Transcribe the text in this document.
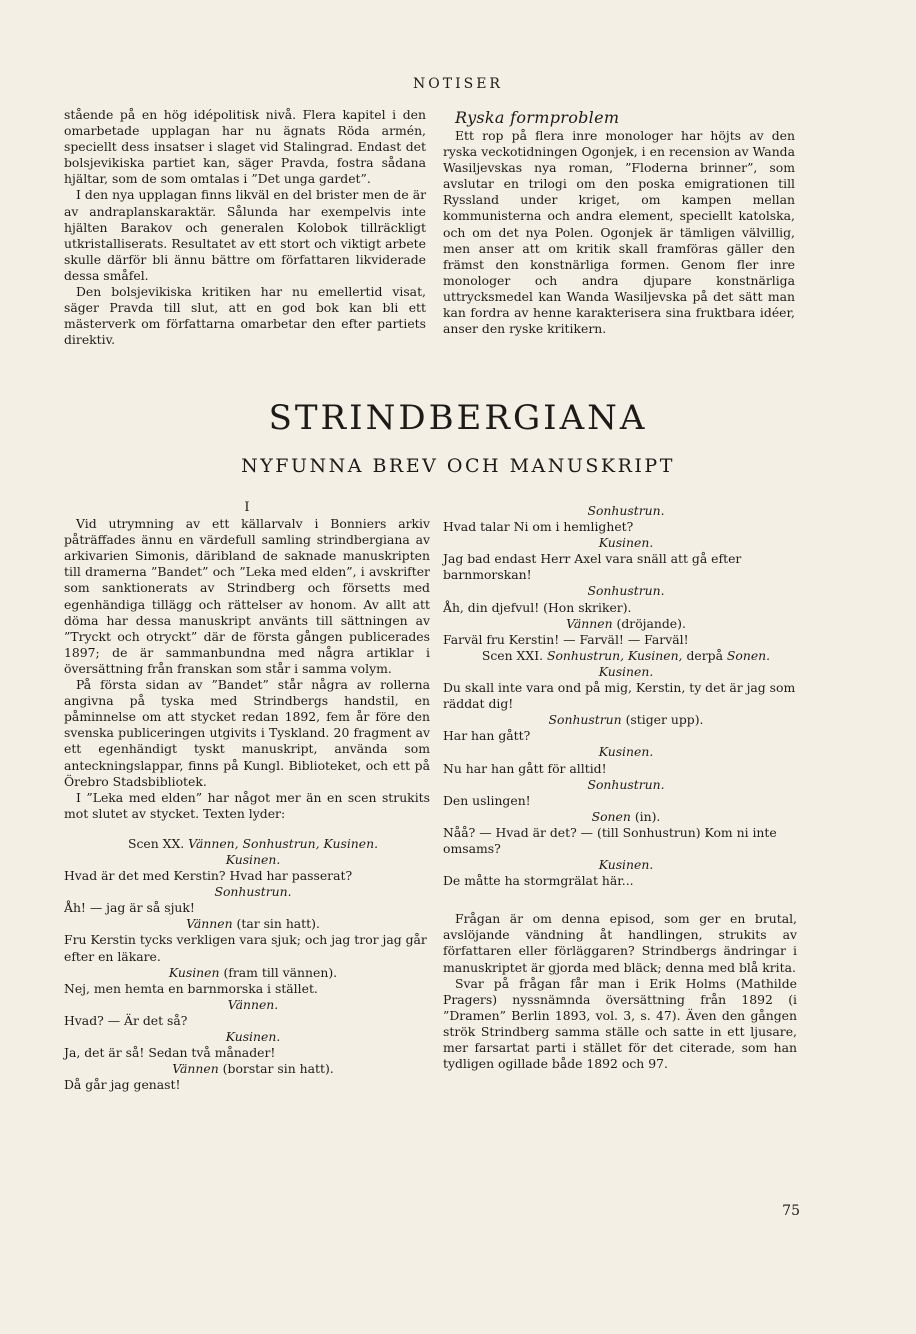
NOTISER

stående på en hög idépolitisk nivå. Flera kapitel i den omarbetade upplagan har nu ägnats Röda armén, speciellt dess insatser i slaget vid Stalingrad. Endast det bolsjevikiska partiet kan, säger Pravda, fostra sådana hjältar, som de som omtalas i ”Det unga gardet”.

I den nya upplagan finns likväl en del brister men de är av andraplanskaraktär. Sålunda har exempelvis inte hjälten Barakov och generalen Kolobok tillräckligt utkristalliserats. Resultatet av ett stort och viktigt arbete skulle därför bli ännu bättre om författaren likviderade dessa småfel.

Den bolsjevikiska kritiken har nu emellertid visat, säger Pravda till slut, att en god bok kan bli ett mästerverk om författarna omarbetar den efter partiets direktiv.

Ryska formproblem

Ett rop på flera inre monologer har höjts av den ryska veckotidningen Ogonjek, i en recension av Wanda Wasiljevskas nya roman, ”Floderna brinner”, som avslutar en trilogi om den poska emigrationen till Ryssland under kriget, om kampen mellan kommunisterna och andra element, speciellt katolska, och om det nya Polen. Ogonjek är tämligen välvillig, men anser att om kritik skall framföras gäller den främst den konstnärliga formen. Genom fler inre monologer och andra djupare konstnärliga uttrycksmedel kan Wanda Wasiljevska på det sätt man kan fordra av henne karakterisera sina fruktbara idéer, anser den ryske kritikern.

STRINDBERGIANA
NYFUNNA BREV OCH MANUSKRIPT

I

Vid utrymning av ett källarvalv i Bonniers arkiv påträffades ännu en värdefull samling strindbergiana av arkivarien Simonis, däribland de saknade manuskripten till dramerna ”Bandet” och ”Leka med elden”, i avskrifter som sanktionerats av Strindberg och försetts med egenhändiga tillägg och rättelser av honom. Av allt att döma har dessa manuskript använts till sättningen av ”Tryckt och otryckt” där de första gången publicerades 1897; de är sammanbundna med några artiklar i översättning från franskan som står i samma volym.

På första sidan av ”Bandet” står några av rollerna angivna på tyska med Strindbergs handstil, en påminnelse om att stycket redan 1892, fem år före den svenska publiceringen utgivits i Tyskland. 20 fragment av ett egenhändigt tyskt manuskript, använda som anteckningslappar, finns på Kungl. Biblioteket, och ett på Örebro Stadsbibliotek.

I ”Leka med elden” har något mer än en scen strukits mot slutet av stycket. Texten lyder:

Scen XX. Vännen, Sonhustrun, Kusinen.

Kusinen.

Hvad är det med Kerstin? Hvad har passerat?

Sonhustrun.

Åh! — jag är så sjuk!

Vännen (tar sin hatt).

Fru Kerstin tycks verkligen vara sjuk; och jag tror jag går efter en läkare.

Kusinen (fram till vännen).

Nej, men hemta en barnmorska i stället.

Vännen.

Hvad? — Är det så?

Kusinen.

Ja, det är så! Sedan två månader!

Vännen (borstar sin hatt).

Då går jag genast!

Sonhustrun.

Hvad talar Ni om i hemlighet?

Kusinen.

Jag bad endast Herr Axel vara snäll att gå efter barnmorskan!

Sonhustrun.

Åh, din djefvul! (Hon skriker).

Vännen (dröjande).

Farväl fru Kerstin! — Farväl! — Farväl!

Scen XXI. Sonhustrun, Kusinen, derpå Sonen.

Kusinen.

Du skall inte vara ond på mig, Kerstin, ty det är jag som räddat dig!

Sonhustrun (stiger upp).

Har han gått?

Kusinen.

Nu har han gått för alltid!

Sonhustrun.

Den uslingen!

Sonen (in).

Nåå? — Hvad är det? — (till Sonhustrun) Kom ni inte omsams?

Kusinen.

De måtte ha stormgrälat här...

Frågan är om denna episod, som ger en brutal, avslöjande vändning åt handlingen, strukits av författaren eller förläggaren? Strindbergs ändringar i manuskriptet är gjorda med bläck; denna med blå krita.

Svar på frågan får man i Erik Holms (Mathilde Pragers) nyssnämnda översättning från 1892 (i ”Dramen” Berlin 1893, vol. 3, s. 47). Även den gången strök Strindberg samma ställe och satte in ett ljusare, mer farsartat parti i stället för det citerade, som han tydligen ogillade både 1892 och 97.

75
